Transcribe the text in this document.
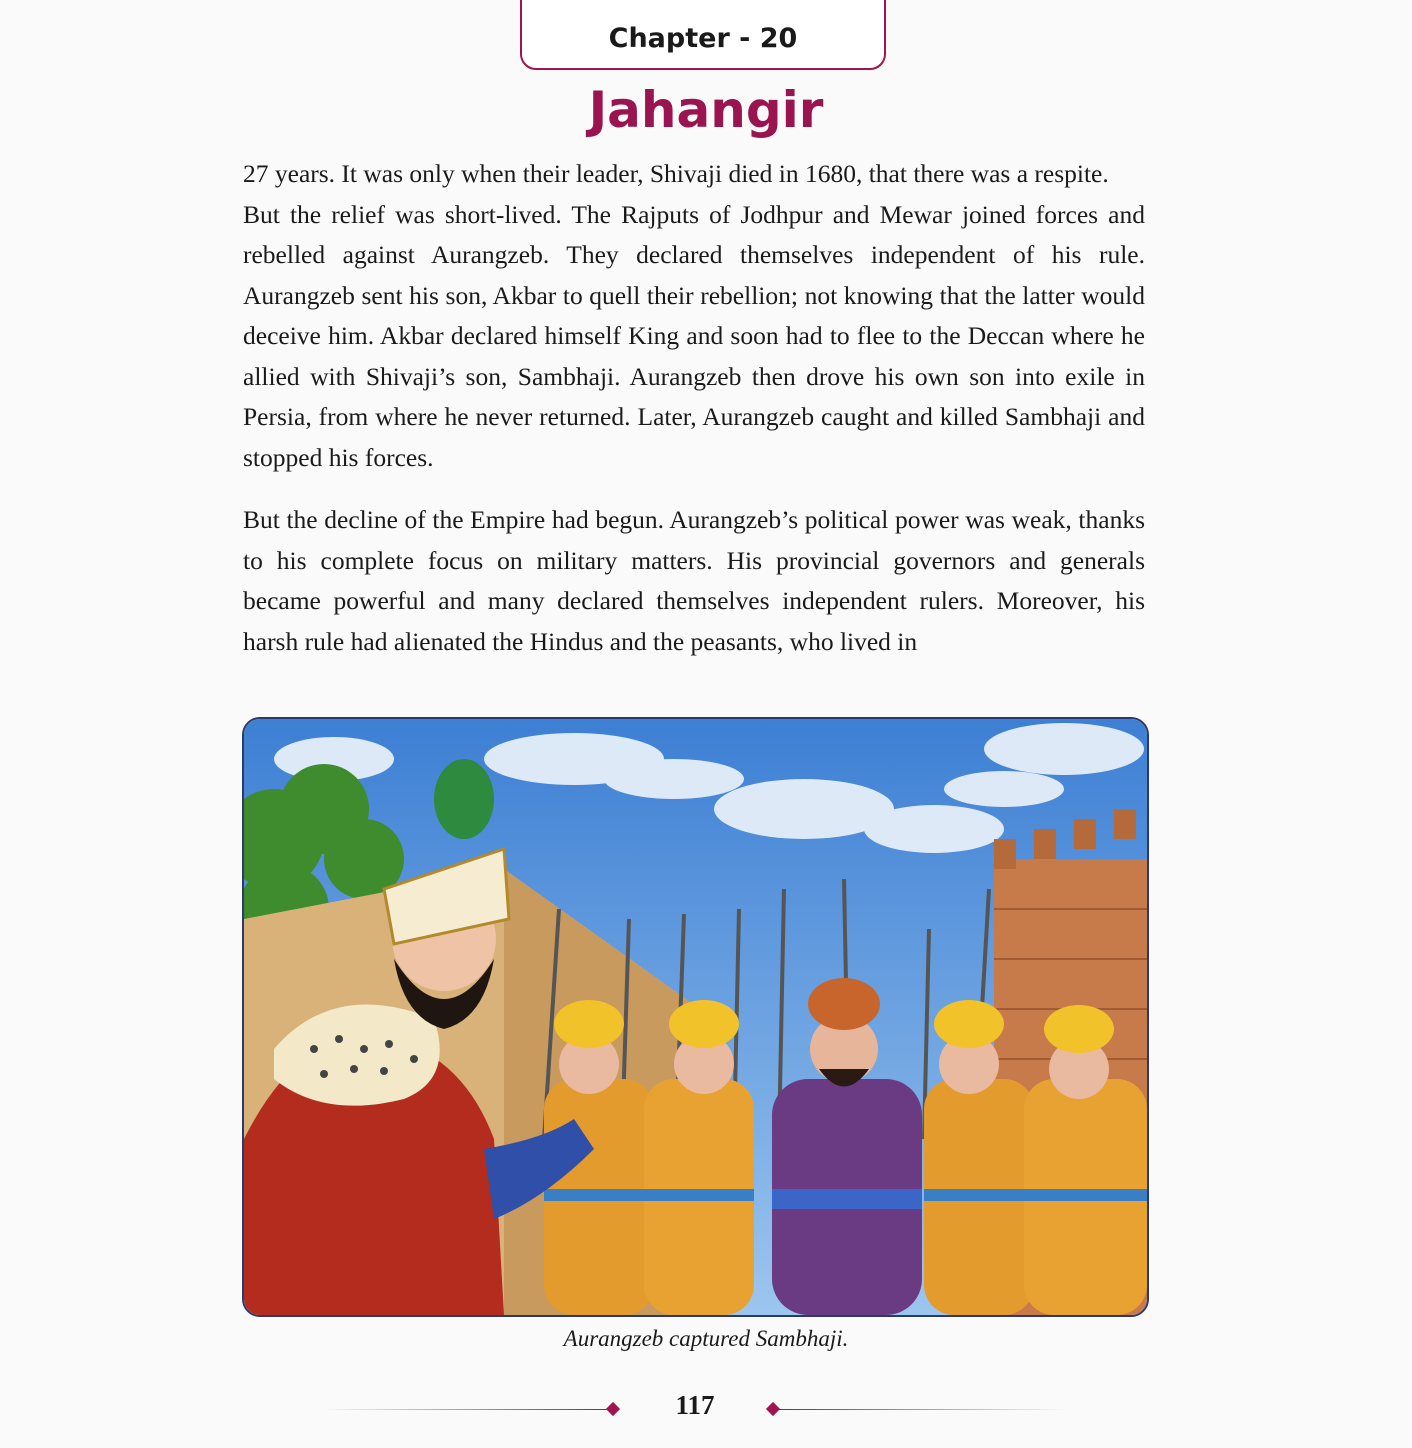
Chapter - 20
Jahangir

27 years. It was only when their leader, Shivaji died in 1680, that there was a respite.

But the relief was short-lived. The Rajputs of Jodhpur and Mewar joined forces and rebelled against Aurangzeb. They declared themselves independent of his rule. Aurangzeb sent his son, Akbar to quell their rebellion; not knowing that the latter would deceive him. Akbar declared himself King and soon had to flee to the Deccan where he allied with Shivaji’s son, Sambhaji. Aurangzeb then drove his own son into exile in Persia, from where he never returned. Later, Aurangzeb caught and killed Sambhaji and stopped his forces.

But the decline of the Empire had begun. Aurangzeb’s political power was weak, thanks to his complete focus on military matters. His provincial governors and generals became powerful and many declared themselves independent rulers. Moreover, his harsh rule had alienated the Hindus and the peasants, who lived in

Aurangzeb captured Sambhaji.
117
